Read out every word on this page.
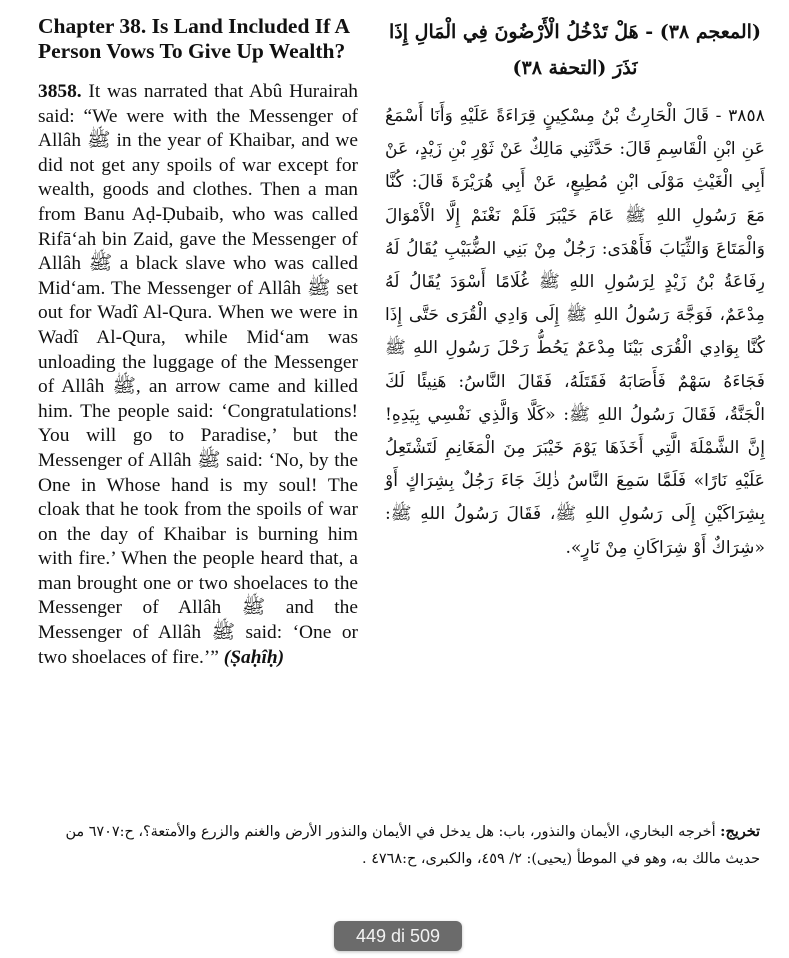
Chapter 38. Is Land Included If A Person Vows To Give Up Wealth?

3858. It was narrated that Abû Hurairah said: “We were with the Messenger of Allâh ﷺ in the year of Khaibar, and we did not get any spoils of war except for wealth, goods and clothes. Then a man from Banu Aḍ-Ḍubaib, who was called Rifā‘ah bin Zaid, gave the Messenger of Allâh ﷺ a black slave who was called Mid‘am. The Messenger of Allâh ﷺ set out for Wadî Al-Qura. When we were in Wadî Al-Qura, while Mid‘am was unloading the luggage of the Messenger of Allâh ﷺ, an arrow came and killed him. The people said: ‘Congratulations! You will go to Paradise,’ but the Messenger of Allâh ﷺ said: ‘No, by the One in Whose hand is my soul! The cloak that he took from the spoils of war on the day of Khaibar is burning him with fire.’ When the people heard that, a man brought one or two shoelaces to the Messenger of Allâh ﷺ and the Messenger of Allâh ﷺ said: ‘One or two shoelaces of fire.’” (Ṣaḥîḥ)

(المعجم ٣٨) - هَلْ تَدْخُلُ الْأَرْضُونَ فِي الْمَالِ إِذَا نَذَرَ (التحفة ٣٨)

٣٨٥٨ - قَالَ الْحَارِثُ بْنُ مِسْكِينٍ قِرَاءَةً عَلَيْهِ وَأَنَا أَسْمَعُ عَنِ ابْنِ الْقَاسِمِ قَالَ: حَدَّثَنِي مَالِكٌ عَنْ ثَوْرِ بْنِ زَيْدٍ، عَنْ أَبِي الْغَيْثِ مَوْلَى ابْنِ مُطِيعٍ، عَنْ أَبِي هُرَيْرَةَ قَالَ: كُنَّا مَعَ رَسُولِ اللهِ ﷺ عَامَ خَيْبَرَ فَلَمْ نَغْنَمْ إِلَّا الْأَمْوَالَ وَالْمَتَاعَ وَالثِّيَابَ فَأَهْدَى: رَجُلٌ مِنْ بَنِي الضُّبَيْبِ يُقَالُ لَهُ رِفَاعَةُ بْنُ زَيْدٍ لِرَسُولِ اللهِ ﷺ غُلَامًا أَسْوَدَ يُقَالُ لَهُ مِدْعَمٌ، فَوَجَّهَ رَسُولُ اللهِ ﷺ إِلَى وَادِي الْقُرَى حَتَّى إِذَا كُنَّا بِوَادِي الْقُرَى بَيْنَا مِدْعَمٌ يَحُطُّ رَحْلَ رَسُولِ اللهِ ﷺ فَجَاءَهُ سَهْمٌ فَأَصَابَهُ فَقَتَلَهُ، فَقَالَ النَّاسُ: هَنِيئًا لَكَ الْجَنَّةُ، فَقَالَ رَسُولُ اللهِ ﷺ: «كَلَّا وَالَّذِي نَفْسِي بِيَدِهِ! إِنَّ الشَّمْلَةَ الَّتِي أَخَذَهَا يَوْمَ خَيْبَرَ مِنَ الْمَغَانِمِ لَتَشْتَعِلُ عَلَيْهِ نَارًا» فَلَمَّا سَمِعَ النَّاسُ ذٰلِكَ جَاءَ رَجُلٌ بِشِرَاكٍ أَوْ بِشِرَاكَيْنِ إِلَى رَسُولِ اللهِ ﷺ، فَقَالَ رَسُولُ اللهِ ﷺ: «شِرَاكٌ أَوْ شِرَاكَانِ مِنْ نَارٍ».

تخريج: أخرجه البخاري، الأيمان والنذور، باب: هل يدخل في الأيمان والنذور الأرض والغنم والزرع والأمتعة؟، ح:٦٧٠٧ من حديث مالك به، وهو في الموطأ (يحيى): ٢/ ٤٥٩، والكبرى، ح:٤٧٦٨ .
449 di 509
